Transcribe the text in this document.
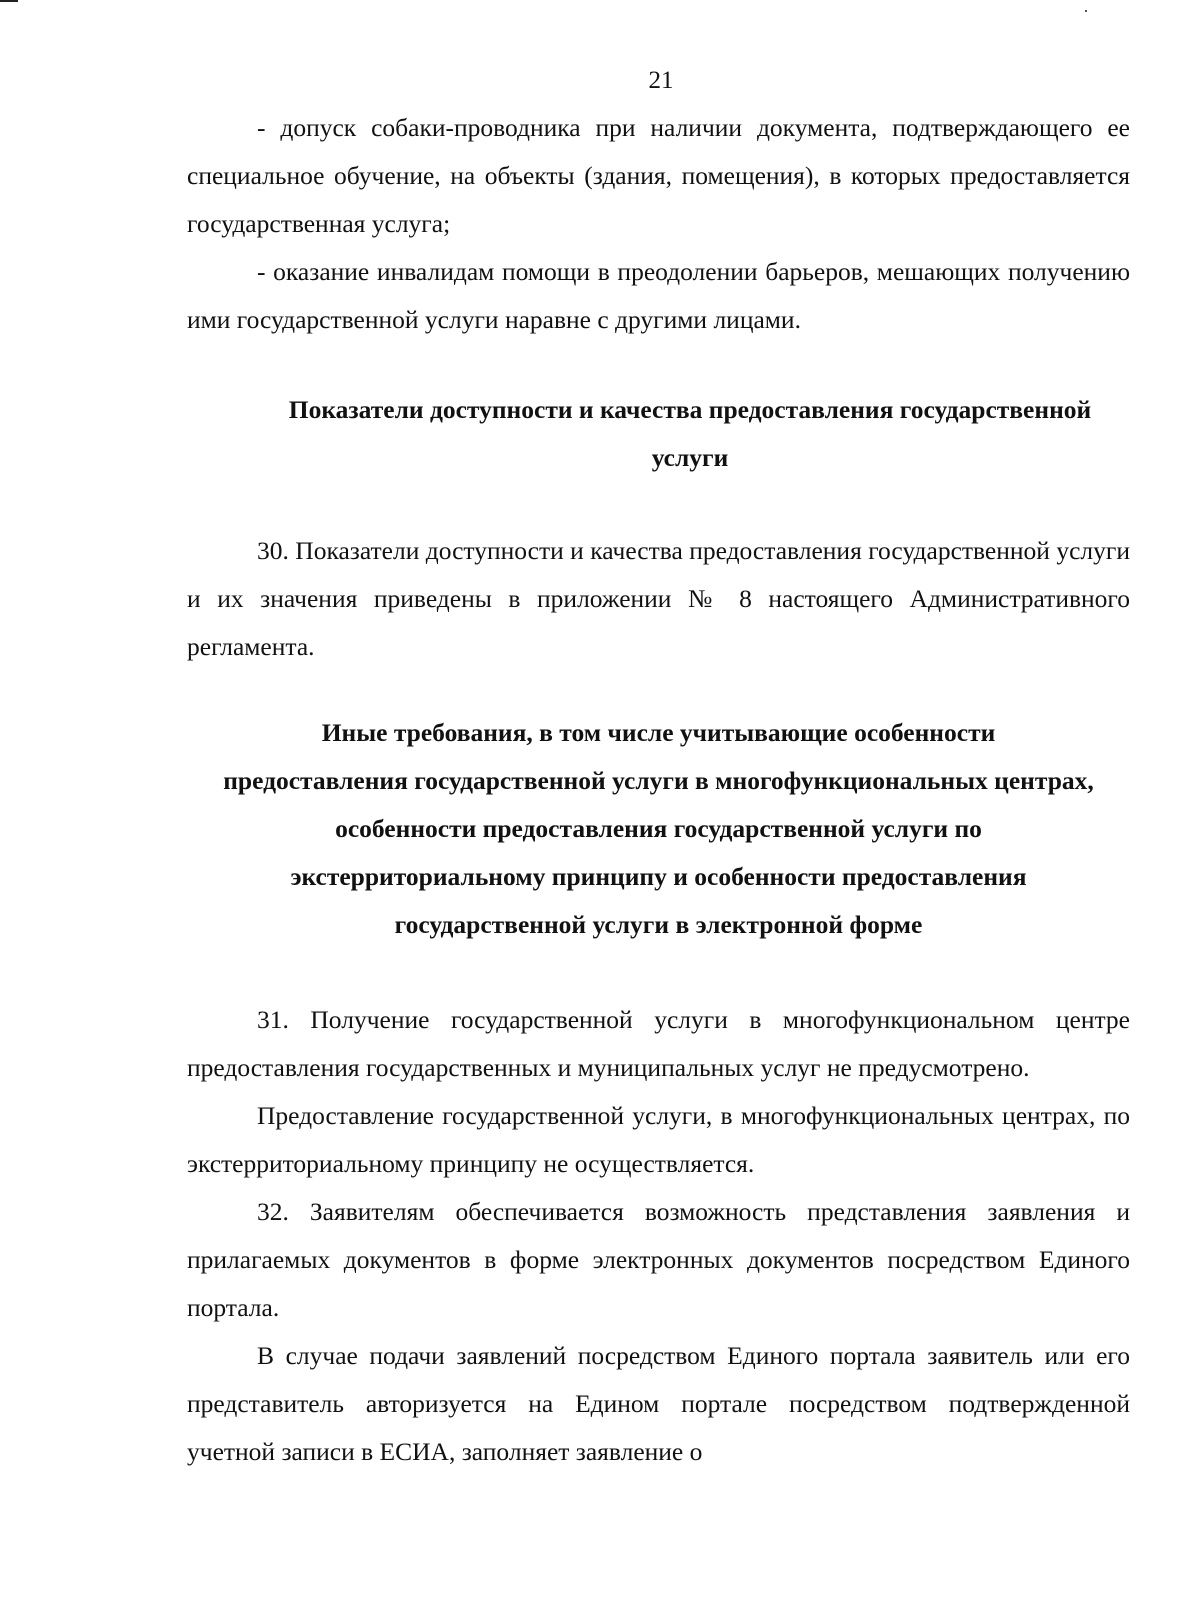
21

- допуск собаки-проводника при наличии документа, подтверждающего ее специальное обучение, на объекты (здания, помещения), в которых предоставляется государственная услуга;

- оказание инвалидам помощи в преодолении барьеров, мешающих получению ими государственной услуги наравне с другими лицами.

Показатели доступности и качества предоставления государственной
услуги

30. Показатели доступности и качества предоставления государственной услуги и их значения приведены в приложении № 8 настоящего Административного регламента.

Иные требования, в том числе учитывающие особенности
предоставления государственной услуги в многофункциональных центрах,
особенности предоставления государственной услуги по
экстерриториальному принципу и особенности предоставления
государственной услуги в электронной форме

31. Получение государственной услуги в многофункциональном центре предоставления государственных и муниципальных услуг не предусмотрено.

Предоставление государственной услуги, в многофункциональных центрах, по экстерриториальному принципу не осуществляется.

32. Заявителям обеспечивается возможность представления заявления и прилагаемых документов в форме электронных документов посредством Единого портала.

В случае подачи заявлений посредством Единого портала заявитель или его представитель авторизуется на Едином портале посредством подтвержденной учетной записи в ЕСИА, заполняет заявление о
